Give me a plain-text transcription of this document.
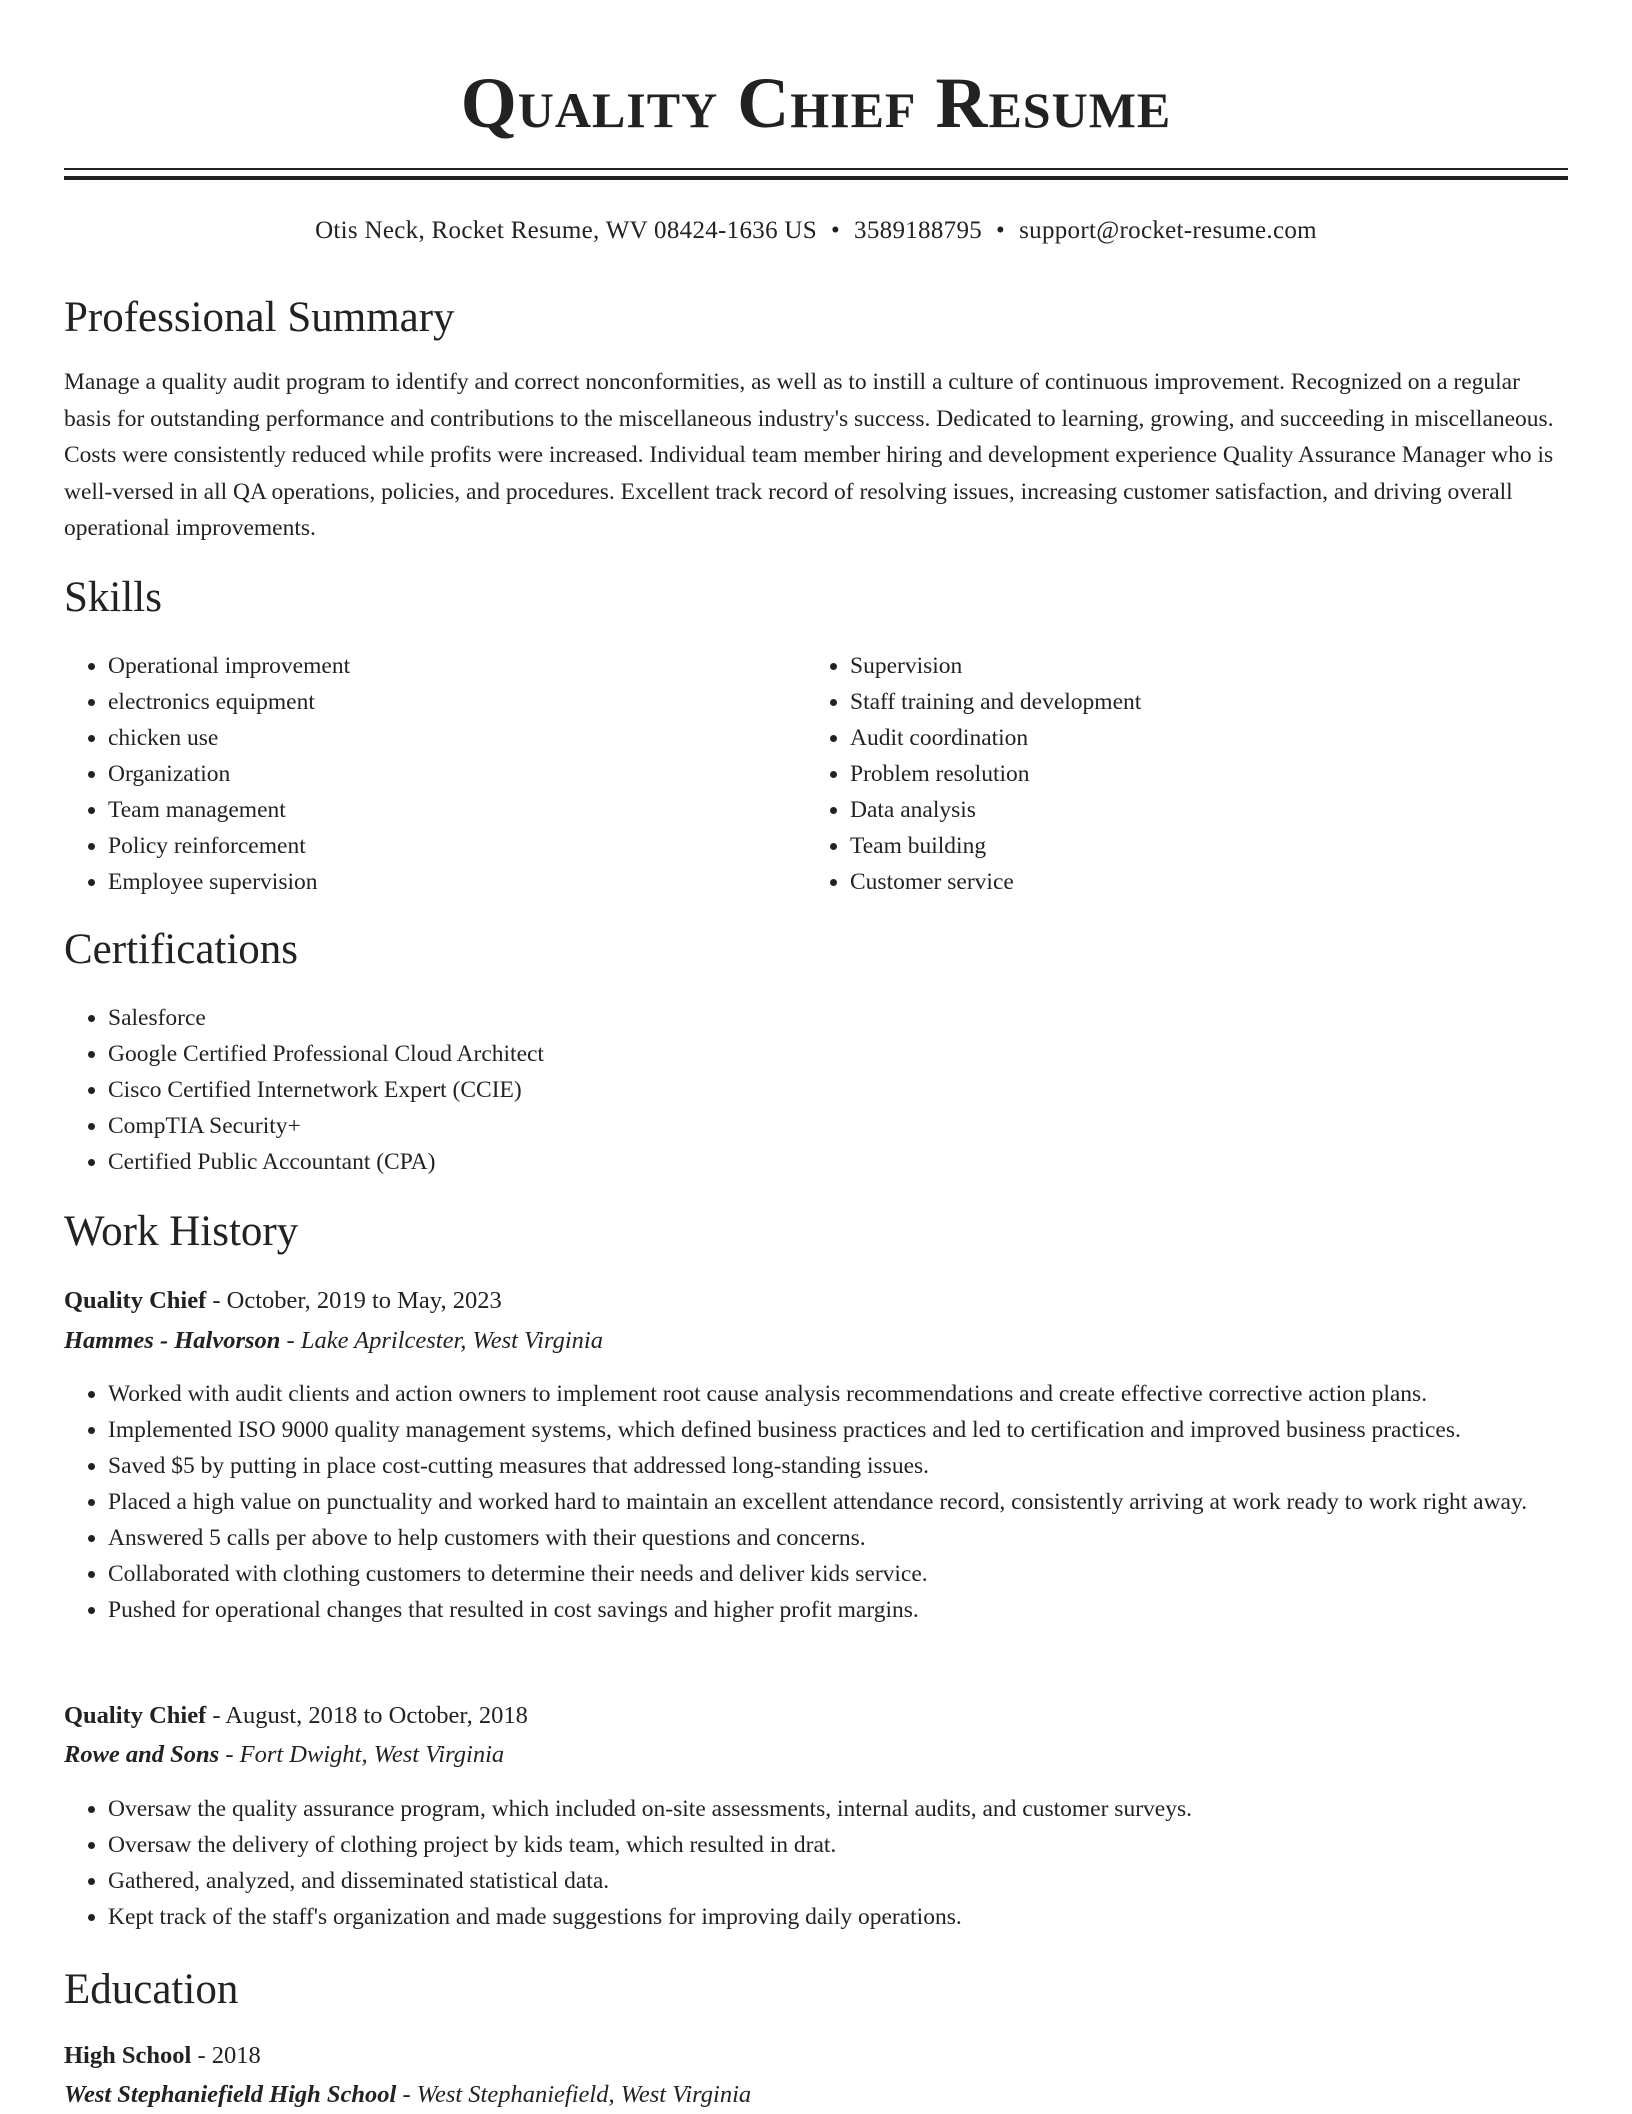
Quality Chief Resume
Otis Neck, Rocket Resume, WV 08424-1636 US • 3589188795 • support@rocket-resume.com
Professional Summary

Manage a quality audit program to identify and correct nonconformities, as well as to instill a culture of continuous improvement. Recognized on a regular basis for outstanding performance and contributions to the miscellaneous industry's success. Dedicated to learning, growing, and succeeding in miscellaneous. Costs were consistently reduced while profits were increased. Individual team member hiring and development experience Quality Assurance Manager who is well-versed in all QA operations, policies, and procedures. Excellent track record of resolving issues, increasing customer satisfaction, and driving overall operational improvements.

Skills
• Operational improvement
• electronics equipment
• chicken use
• Organization
• Team management
• Policy reinforcement
• Employee supervision
• Supervision
• Staff training and development
• Audit coordination
• Problem resolution
• Data analysis
• Team building
• Customer service
Certifications
• Salesforce
• Google Certified Professional Cloud Architect
• Cisco Certified Internetwork Expert (CCIE)
• CompTIA Security+
• Certified Public Accountant (CPA)
Work History
Quality Chief - October, 2019 to May, 2023
Hammes - Halvorson - Lake Aprilcester, West Virginia
• Worked with audit clients and action owners to implement root cause analysis recommendations and create effective corrective action plans.
• Implemented ISO 9000 quality management systems, which defined business practices and led to certification and improved business practices.
• Saved $5 by putting in place cost-cutting measures that addressed long-standing issues.
• Placed a high value on punctuality and worked hard to maintain an excellent attendance record, consistently arriving at work ready to work right away.
• Answered 5 calls per above to help customers with their questions and concerns.
• Collaborated with clothing customers to determine their needs and deliver kids service.
• Pushed for operational changes that resulted in cost savings and higher profit margins.
Quality Chief - August, 2018 to October, 2018
Rowe and Sons - Fort Dwight, West Virginia
• Oversaw the quality assurance program, which included on-site assessments, internal audits, and customer surveys.
• Oversaw the delivery of clothing project by kids team, which resulted in drat.
• Gathered, analyzed, and disseminated statistical data.
• Kept track of the staff's organization and made suggestions for improving daily operations.
Education
High School - 2018
West Stephaniefield High School - West Stephaniefield, West Virginia
